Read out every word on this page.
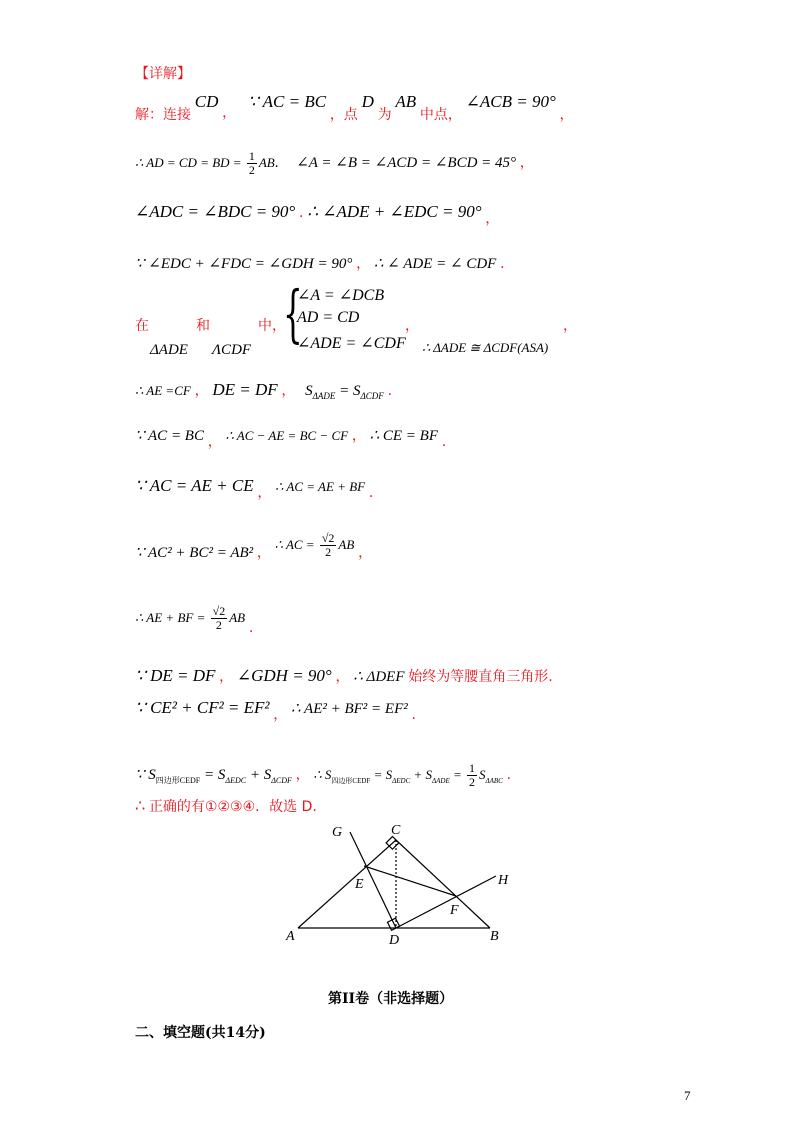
【详解】
解：连接 CD ， ∵ AC = BC ，点 D 为 AB 中点， ∠ACB = 90° ，
∴ AD = CD = BD = $\frac{1}{2}$ AB. ∠A = ∠B = ∠ACD = ∠BCD = 45° ，
∠ADC = ∠BDC = 90° . ∴ ∠ADE + ∠EDC = 90° ，
∵ ∠EDC + ∠FDC = ∠GDH = 90° ， ∴ ∠ ADE = ∠ CDF .
在	和	中，
ΔADE ΛCDF {
∠A = ∠DCB
AD = CD
∠ADE = ∠CDF
，
∴ ΔADE ≅ ΔCDF(ASA)
，
∴ AE =CF ， DE = DF ， $S_{\Delta ADE} = S_{\Delta CDF}$ .
∵ AC = BC ， ∴ AC − AE = BC − CF ， ∴ CE = BF .
∵ AC = AE + CE ， ∴ AC = AE + BF .
∵ AC² + BC² = AB² ， ∴ AC = $\frac{√2}{2}$ AB ，
∴ AE + BF = $\frac{√2}{2}$ AB .
∵ DE = DF ， ∠GDH = 90° ， ∴ ΔDEF 始终为等腰直角三角形.
∵ CE² + CF² = EF² ， ∴ AE² + BF² = EF² .
∵ $S_{四边形CEDF} = S_{\Delta EDC} + S_{\Delta CDF}$ ， ∴ $S_{四边形CEDF} = S_{\Delta EDC} + S_{\Delta ADE} = \frac{1}{2} S_{\Delta ABC}$ .
∴ 正确的有①②③④．故选 D.
G	C
E	H
F
A	D	B
第II卷（非选择题）
二、填空题(共14分)
7
